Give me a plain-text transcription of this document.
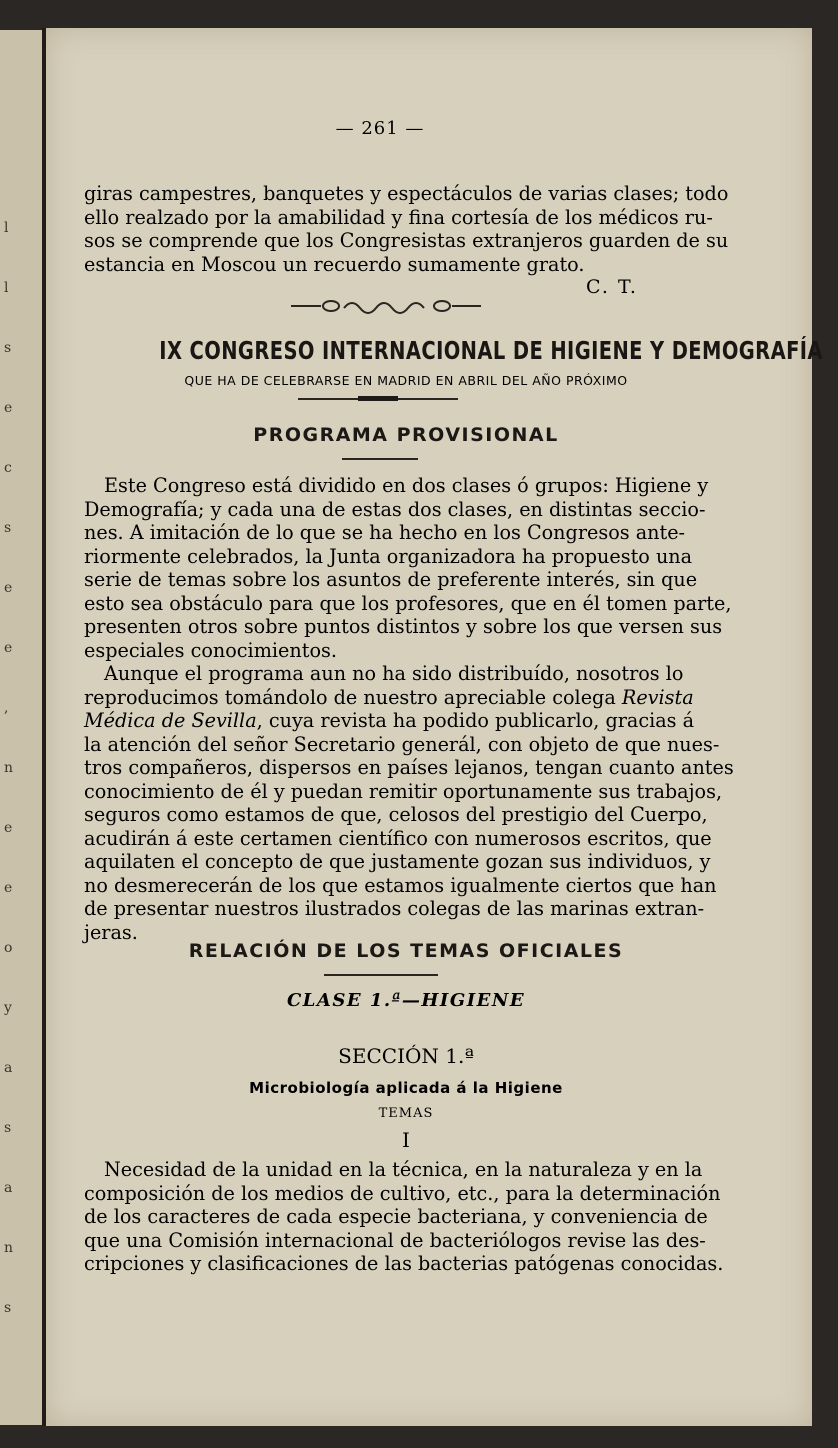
l
l
s
e
c
s
e
e
,
n
e
e
o
y
a
s
a
n
s
— 261 —
giras campestres, banquetes y espectáculos de varias clases; todo
ello realzado por la amabilidad y fina cortesía de los médicos ru-
sos se comprende que los Congresistas extranjeros guarden de su
estancia en Moscou un recuerdo sumamente grato.
C. T.
IX CONGRESO INTERNACIONAL DE HIGIENE Y DEMOGRAFÍA
QUE HA DE CELEBRARSE EN MADRID EN ABRIL DEL AÑO PRÓXIMO
PROGRAMA PROVISIONAL
Este Congreso está dividido en dos clases ó grupos: Higiene y
Demografía; y cada una de estas dos clases, en distintas seccio-
nes. A imitación de lo que se ha hecho en los Congresos ante-
riormente celebrados, la Junta organizadora ha propuesto una
serie de temas sobre los asuntos de preferente interés, sin que
esto sea obstáculo para que los profesores, que en él tomen parte,
presenten otros sobre puntos distintos y sobre los que versen sus
especiales conocimientos.
Aunque el programa aun no ha sido distribuído, nosotros lo
reproducimos tomándolo de nuestro apreciable colega Revista
Médica de Sevilla, cuya revista ha podido publicarlo, gracias á
la atención del señor Secretario generál, con objeto de que nues-
tros compañeros, dispersos en países lejanos, tengan cuanto antes
conocimiento de él y puedan remitir oportunamente sus trabajos,
seguros como estamos de que, celosos del prestigio del Cuerpo,
acudirán á este certamen científico con numerosos escritos, que
aquilaten el concepto de que justamente gozan sus individuos, y
no desmerecerán de los que estamos igualmente ciertos que han
de presentar nuestros ilustrados colegas de las marinas extran-
jeras.
RELACIÓN DE LOS TEMAS OFICIALES
CLASE 1.ª—HIGIENE
SECCIÓN 1.ª
Microbiología aplicada á la Higiene
TEMAS
I
Necesidad de la unidad en la técnica, en la naturaleza y en la
composición de los medios de cultivo, etc., para la determinación
de los caracteres de cada especie bacteriana, y conveniencia de
que una Comisión internacional de bacteriólogos revise las des-
cripciones y clasificaciones de las bacterias patógenas conocidas.
